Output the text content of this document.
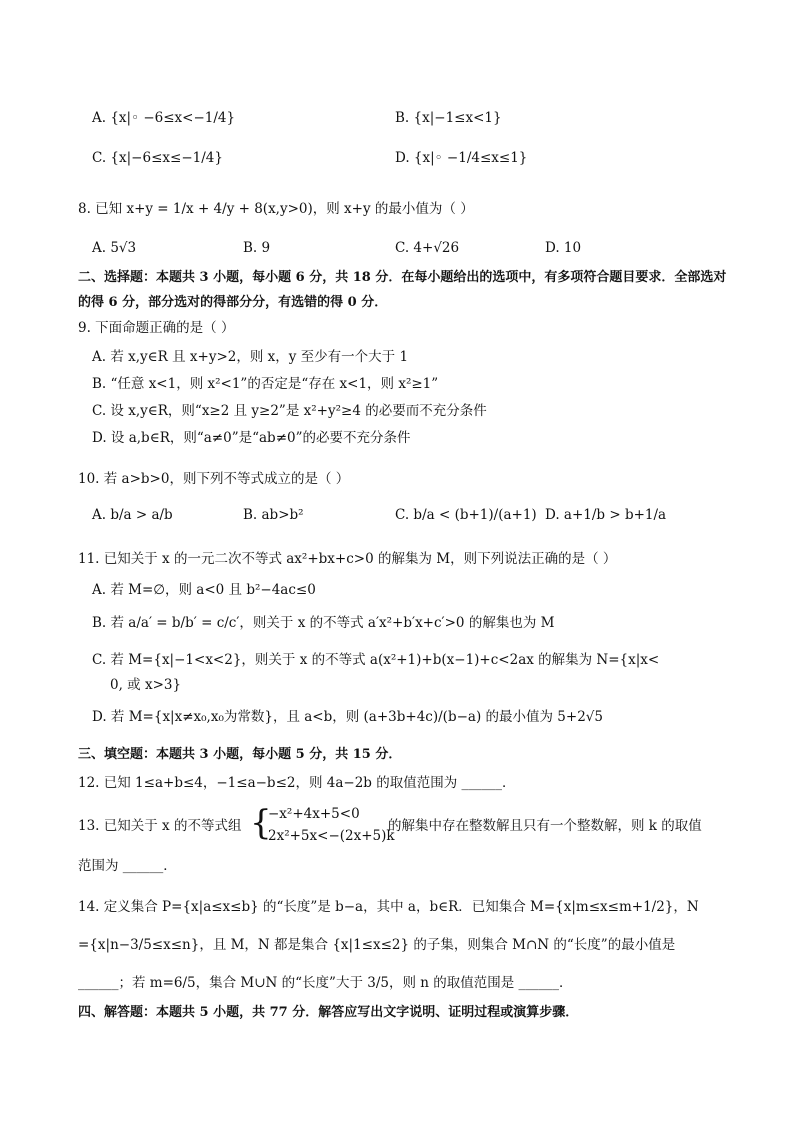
A. {x|◦ −6≤x<−1/4}	B. {x|−1≤x<1}
C. {x|−6≤x≤−1/4}	D. {x|◦ −1/4≤x≤1}
8. 已知 x+y = 1/x + 4/y + 8(x,y>0)，则 x+y 的最小值为（ ）
A. 5√3	B. 9	C. 4+√26	D. 10
二、选择题：本题共 3 小题，每小题 6 分，共 18 分．在每小题给出的选项中，有多项符合题目要求．全部选对
的得 6 分，部分选对的得部分分，有选错的得 0 分．
9. 下面命题正确的是（ ）
A. 若 x,y∈R 且 x+y>2，则 x，y 至少有一个大于 1
B. “任意 x<1，则 x²<1”的否定是“存在 x<1，则 x²≥1”
C. 设 x,y∈R，则“x≥2 且 y≥2”是 x²+y²≥4 的必要而不充分条件
D. 设 a,b∈R，则“a≠0”是“ab≠0”的必要不充分条件
10. 若 a>b>0，则下列不等式成立的是（ ）
A. b/a > a/b	B. ab>b²	C. b/a < (b+1)/(a+1) D. a+1/b > b+1/a
11. 已知关于 x 的一元二次不等式 ax²+bx+c>0 的解集为 M，则下列说法正确的是（ ）
A. 若 M=∅，则 a<0 且 b²−4ac≤0
B. 若 a/a′ = b/b′ = c/c′，则关于 x 的不等式 a′x²+b′x+c′>0 的解集也为 M
C. 若 M={x|−1<x<2}，则关于 x 的不等式 a(x²+1)+b(x−1)+c<2ax 的解集为 N={x|x<
0, 或 x>3}
D. 若 M={x|x≠x₀,x₀为常数}，且 a<b，则 (a+3b+4c)/(b−a) 的最小值为 5+2√5
三、填空题：本题共 3 小题，每小题 5 分，共 15 分．
12. 已知 1≤a+b≤4，−1≤a−b≤2，则 4a−2b 的取值范围为 ______．
13. 已知关于 x 的不等式组 {
−x²+4x+5<0
2x²+5x<−(2x+5)k
的解集中存在整数解且只有一个整数解，则 k 的取值
范围为 ______．
14. 定义集合 P={x|a≤x≤b} 的“长度”是 b−a，其中 a，b∈R．已知集合 M={x|m≤x≤m+1/2}，N
={x|n−3/5≤x≤n}，且 M，N 都是集合 {x|1≤x≤2} 的子集，则集合 M∩N 的“长度”的最小值是
______；若 m=6/5，集合 M∪N 的“长度”大于 3/5，则 n 的取值范围是 ______．
四、解答题：本题共 5 小题，共 77 分．解答应写出文字说明、证明过程或演算步骤．
